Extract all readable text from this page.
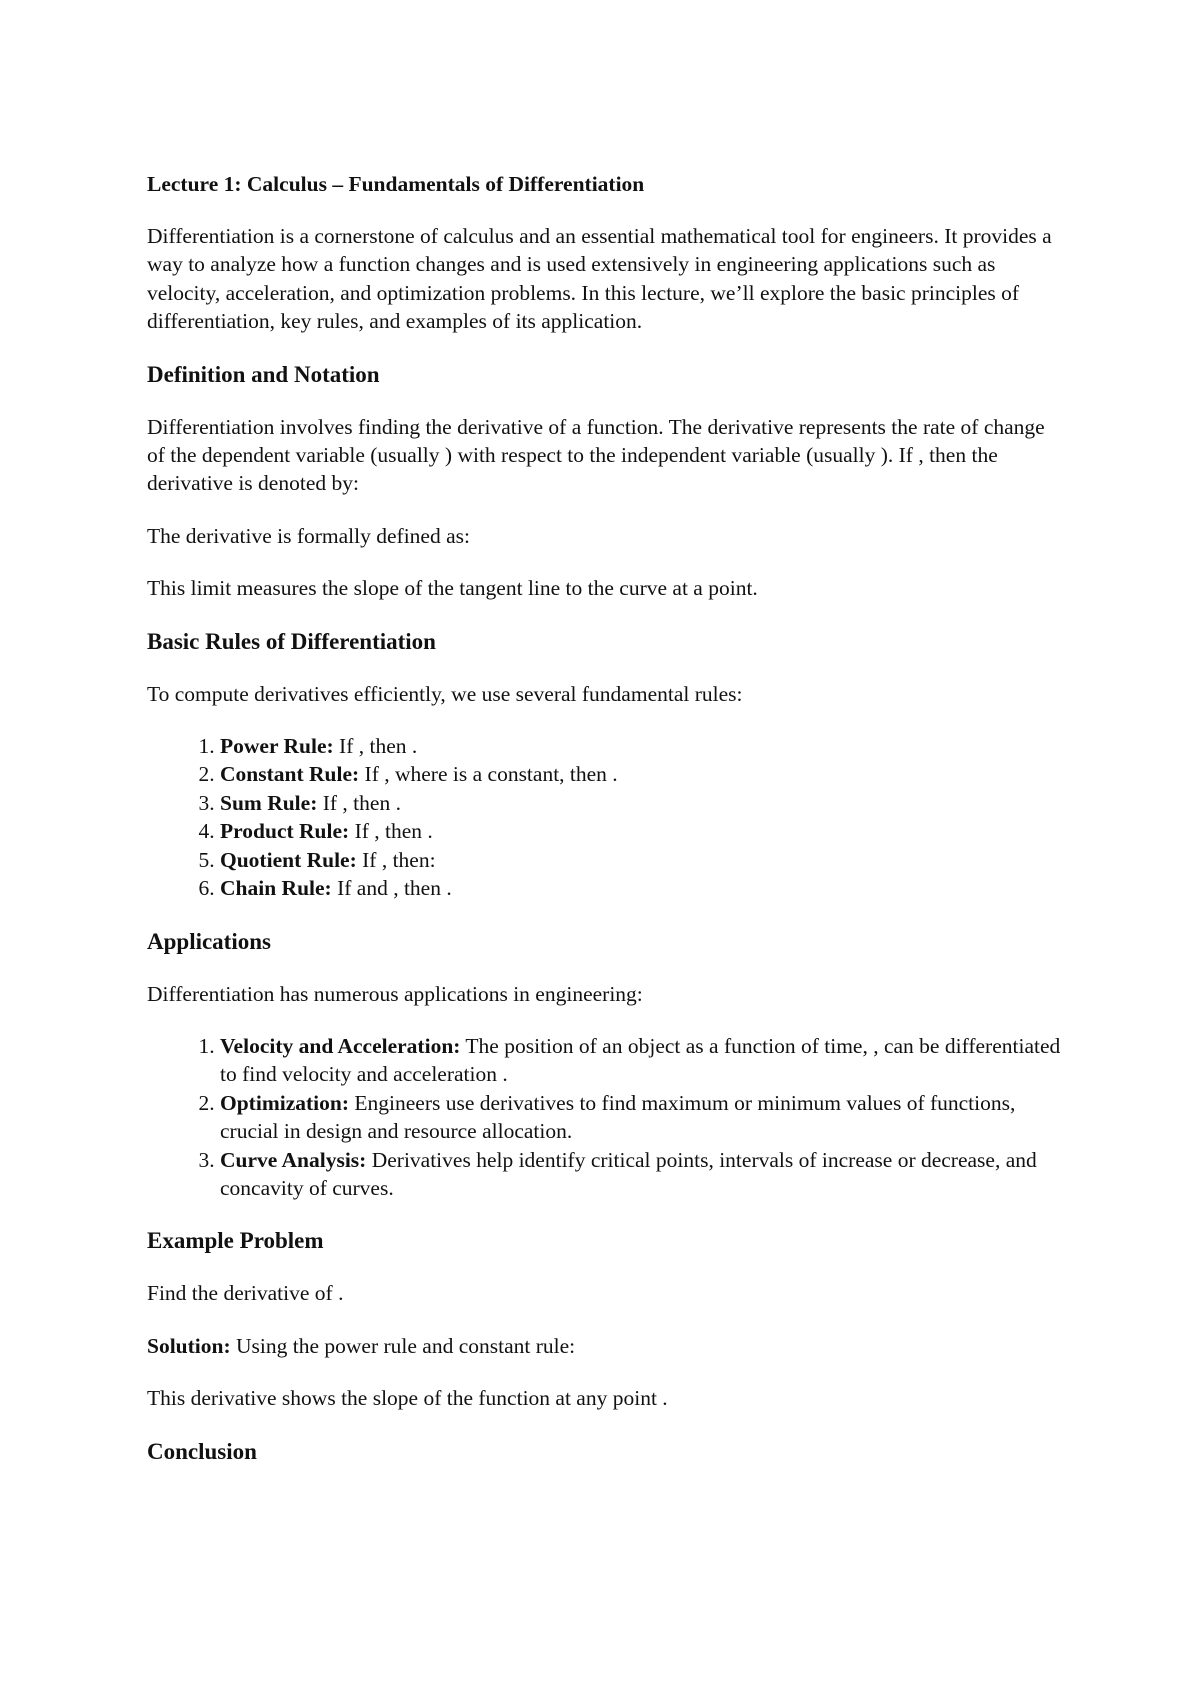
Lecture 1: Calculus – Fundamentals of Differentiation

Differentiation is a cornerstone of calculus and an essential mathematical tool for engineers. It provides a way to analyze how a function changes and is used extensively in engineering applications such as velocity, acceleration, and optimization problems. In this lecture, we’ll explore the basic principles of differentiation, key rules, and examples of its application.

Definition and Notation

Differentiation involves finding the derivative of a function. The derivative represents the rate of change of the dependent variable (usually ) with respect to the independent variable (usually ). If , then the derivative is denoted by:

The derivative is formally defined as:

This limit measures the slope of the tangent line to the curve at a point.

Basic Rules of Differentiation

To compute derivatives efficiently, we use several fundamental rules:

1. Power Rule: If , then .
2. Constant Rule: If , where is a constant, then .
3. Sum Rule: If , then .
4. Product Rule: If , then .
5. Quotient Rule: If , then:
6. Chain Rule: If and , then .
Applications

Differentiation has numerous applications in engineering:

1. Velocity and Acceleration: The position of an object as a function of time, , can be differentiated to find velocity and acceleration .
2. Optimization: Engineers use derivatives to find maximum or minimum values of functions, crucial in design and resource allocation.
3. Curve Analysis: Derivatives help identify critical points, intervals of increase or decrease, and concavity of curves.
Example Problem

Find the derivative of .

Solution: Using the power rule and constant rule:

This derivative shows the slope of the function at any point .

Conclusion
